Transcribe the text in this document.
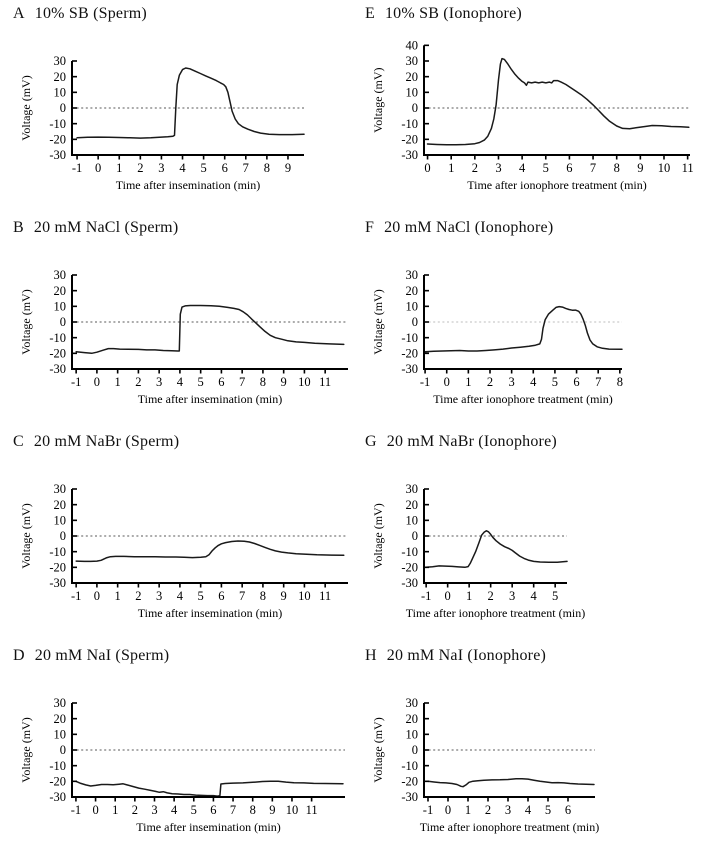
A 10% SB (Sperm)
30
20
10
0
-10
-20
-30
-1 0 1 2 3 4 5 6 7 8 9
Time after insemination (min)
Voltage (mV)
E 10% SB (Ionophore)
40
30
20
10
0
-10
-20
-30
0 1 2 3 4 5 6 7 8 9 10 11
Time after ionophore treatment (min)
Voltage (mV)
B 20 mM NaCl (Sperm)
30
20
10
0
-10
-20
-30
-1 0 1 2 3 4 5 6 7 8 9 10 11
Time after insemination (min)
Voltage (mV)
F 20 mM NaCl (Ionophore)
30
20
10
0
-10
-20
-30
-1 0 1 2 3 4 5 6 7 8
Time after ionophore treatment (min)
Voltage (mV)
C 20 mM NaBr (Sperm)
30
20
10
0
-10
-20
-30
-1 0 1 2 3 4 5 6 7 8 9 10 11
Time after insemination (min)
Voltage (mV)
G 20 mM NaBr (Ionophore)
30
20
10
0
-10
-20
-30
-1 0 1 2 3 4 5
Time after ionophore treatment (min)
Voltage (mV)
D 20 mM NaI (Sperm)
30
20
10
0
-10
-20
-30
-1 0 1 2 3 4 5 6 7 8 9 10 11
Time after insemination (min)
Voltage (mV)
H 20 mM NaI (Ionophore)
30
20
10
0
-10
-20
-30
-1 0 1 2 3 4 5 6
Time after ionophore treatment (min)
Voltage (mV)
